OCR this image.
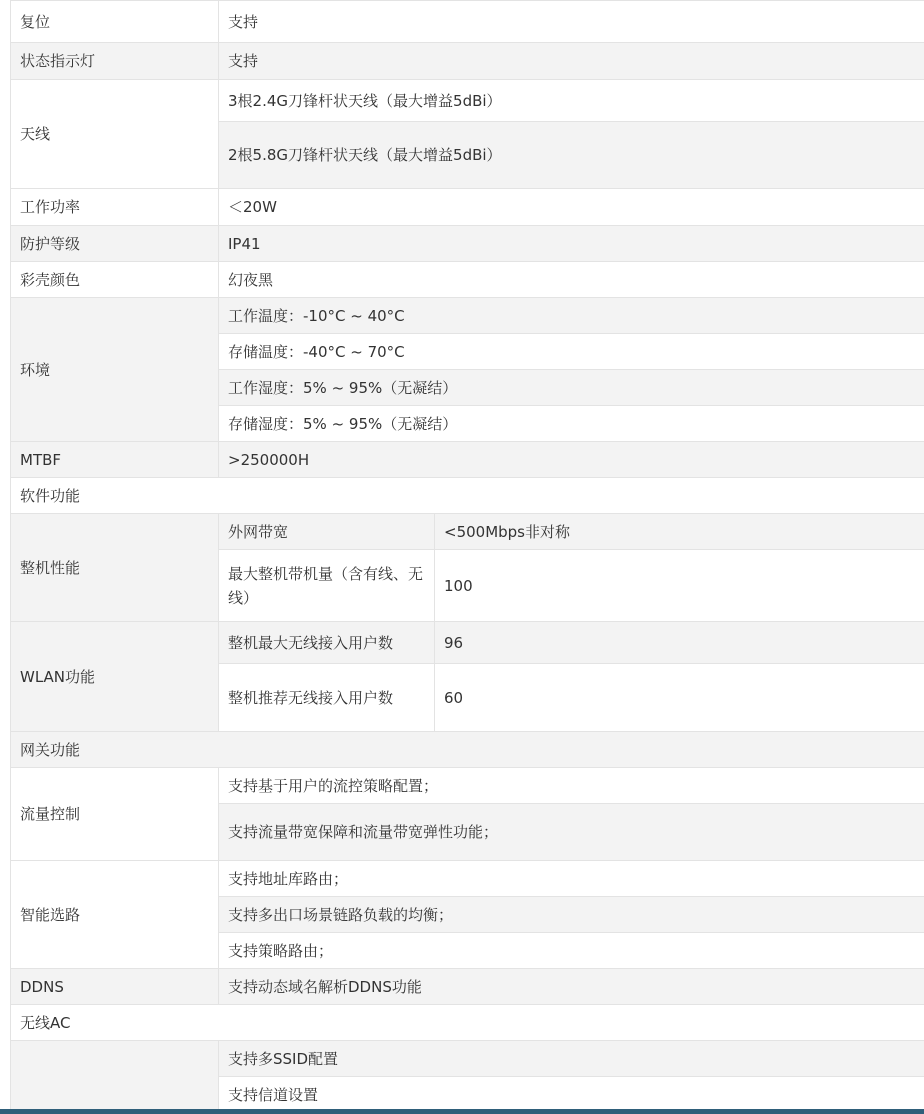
复位	支持	
状态指示灯	支持	
天线	3根2.4G刀锋杆状天线（最大增益5dBi）	
	2根5.8G刀锋杆状天线（最大增益5dBi）	
工作功率	＜20W	
防护等级	IP41	
彩壳颜色	幻夜黑	
环境	工作温度：-10°C ~ 40°C	
	存储温度：-40°C ~ 70°C	
	工作湿度：5% ~ 95%（无凝结）	
	存储湿度：5% ~ 95%（无凝结）	
MTBF	>250000H	
软件功能		
整机性能	外网带宽	<500Mbps非对称
	最大整机带机量（含有线、无线）	100
WLAN功能	整机最大无线接入用户数	96
	整机推荐无线接入用户数	60
网关功能		
流量控制	支持基于用户的流控策略配置；	
	支持流量带宽保障和流量带宽弹性功能；	
智能选路	支持地址库路由；	
	支持多出口场景链路负载的均衡；	
	支持策略路由；	
DDNS	支持动态域名解析DDNS功能	
无线AC		
	支持多SSID配置	
	支持信道设置	
